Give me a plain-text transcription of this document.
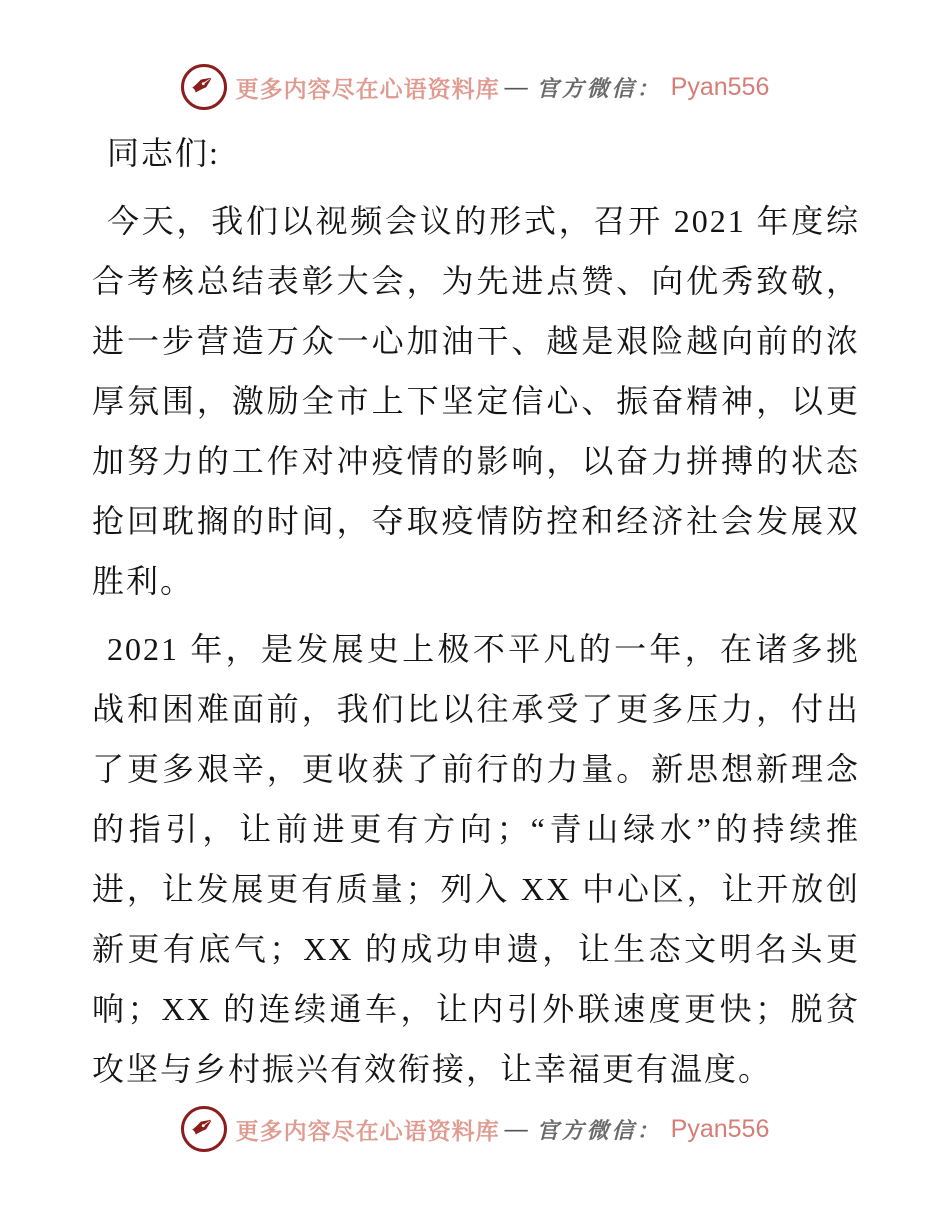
✒ 更多内容尽在心语资料库 — 官方微信： Pyan556
同志们:

今天，我们以视频会议的形式，召开 2021 年度综合考核总结表彰大会，为先进点赞、向优秀致敬，进一步营造万众一心加油干、越是艰险越向前的浓厚氛围，激励全市上下坚定信心、振奋精神，以更加努力的工作对冲疫情的影响，以奋力拼搏的状态抢回耽搁的时间，夺取疫情防控和经济社会发展双胜利。

2021 年，是发展史上极不平凡的一年，在诸多挑战和困难面前，我们比以往承受了更多压力，付出了更多艰辛，更收获了前行的力量。新思想新理念的指引，让前进更有方向；“青山绿水”的持续推进，让发展更有质量；列入 XX 中心区，让开放创新更有底气；XX 的成功申遗，让生态文明名头更响；XX 的连续通车，让内引外联速度更快；脱贫攻坚与乡村振兴有效衔接，让幸福更有温度。

✒ 更多内容尽在心语资料库 — 官方微信： Pyan556
